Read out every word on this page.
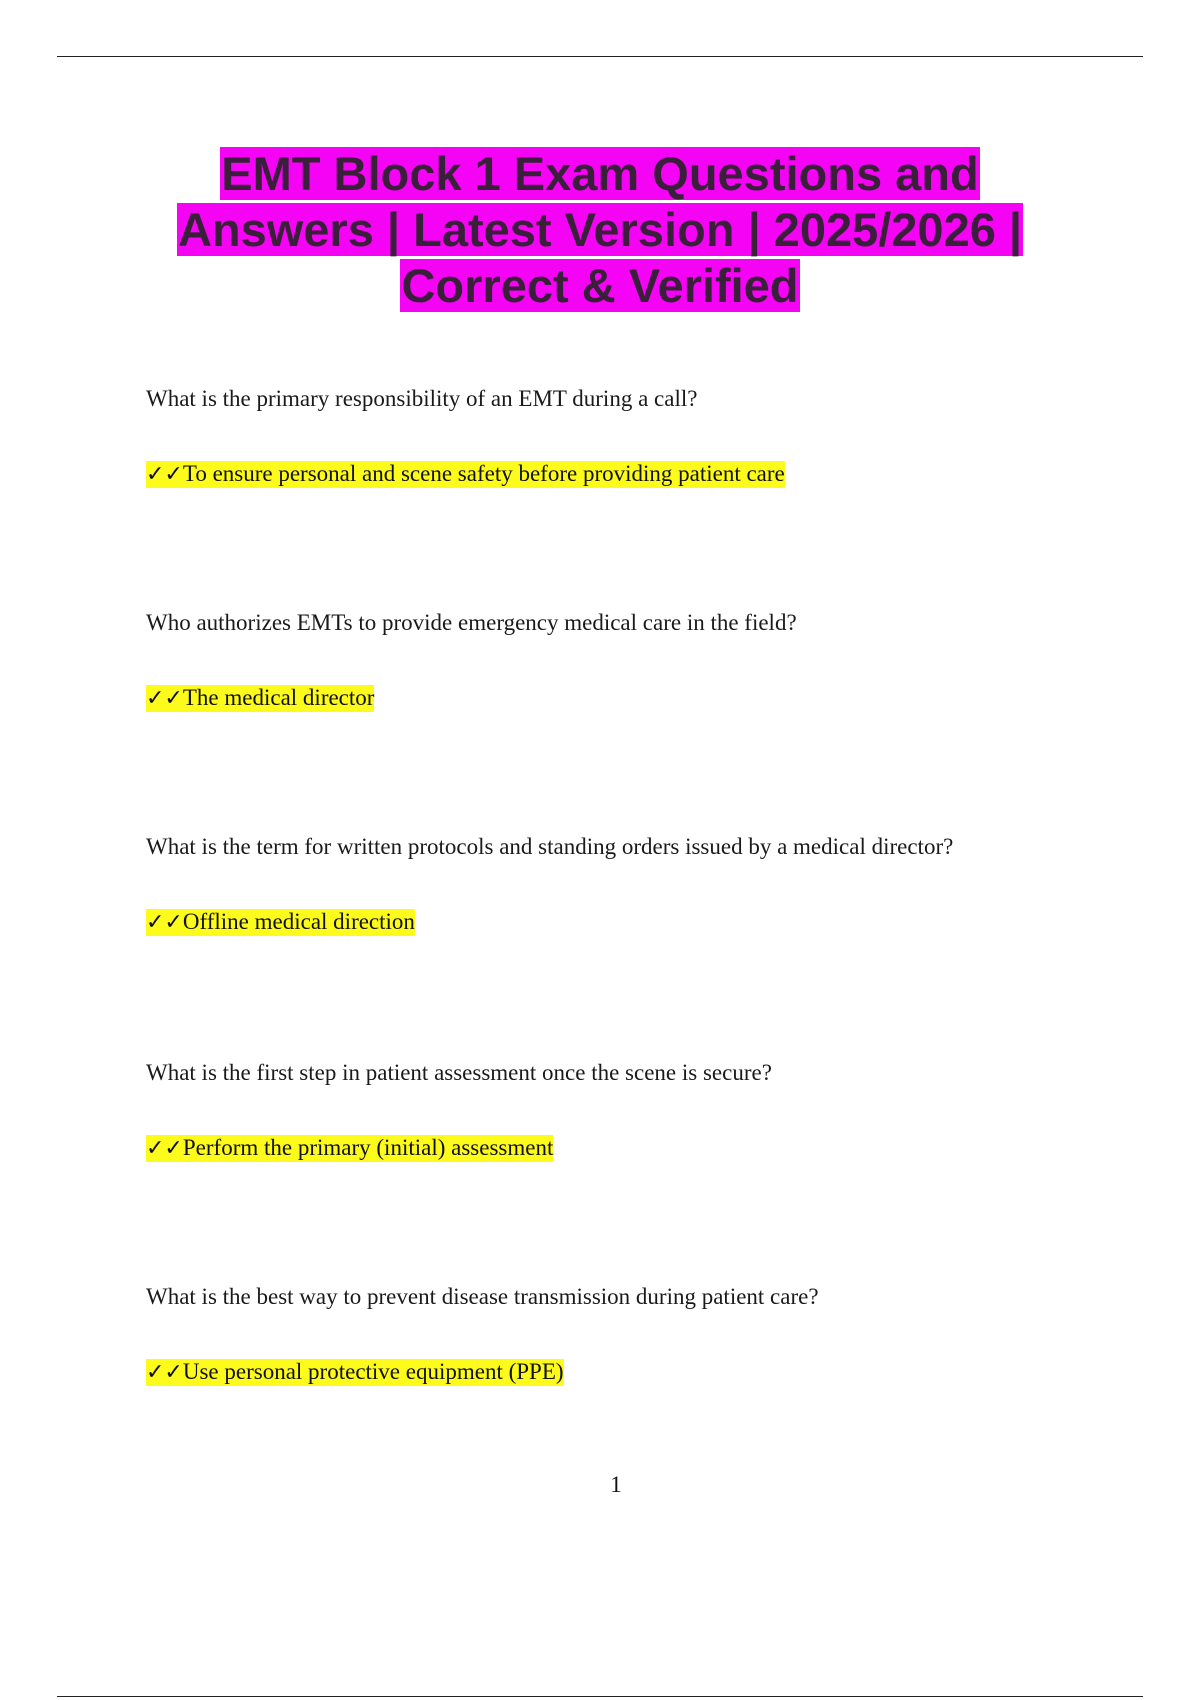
EMT Block 1 Exam Questions and Answers | Latest Version | 2025/2026 | Correct & Verified
What is the primary responsibility of an EMT during a call?
✓✓To ensure personal and scene safety before providing patient care
Who authorizes EMTs to provide emergency medical care in the field?
✓✓The medical director
What is the term for written protocols and standing orders issued by a medical director?
✓✓Offline medical direction
What is the first step in patient assessment once the scene is secure?
✓✓Perform the primary (initial) assessment
What is the best way to prevent disease transmission during patient care?
✓✓Use personal protective equipment (PPE)
1
